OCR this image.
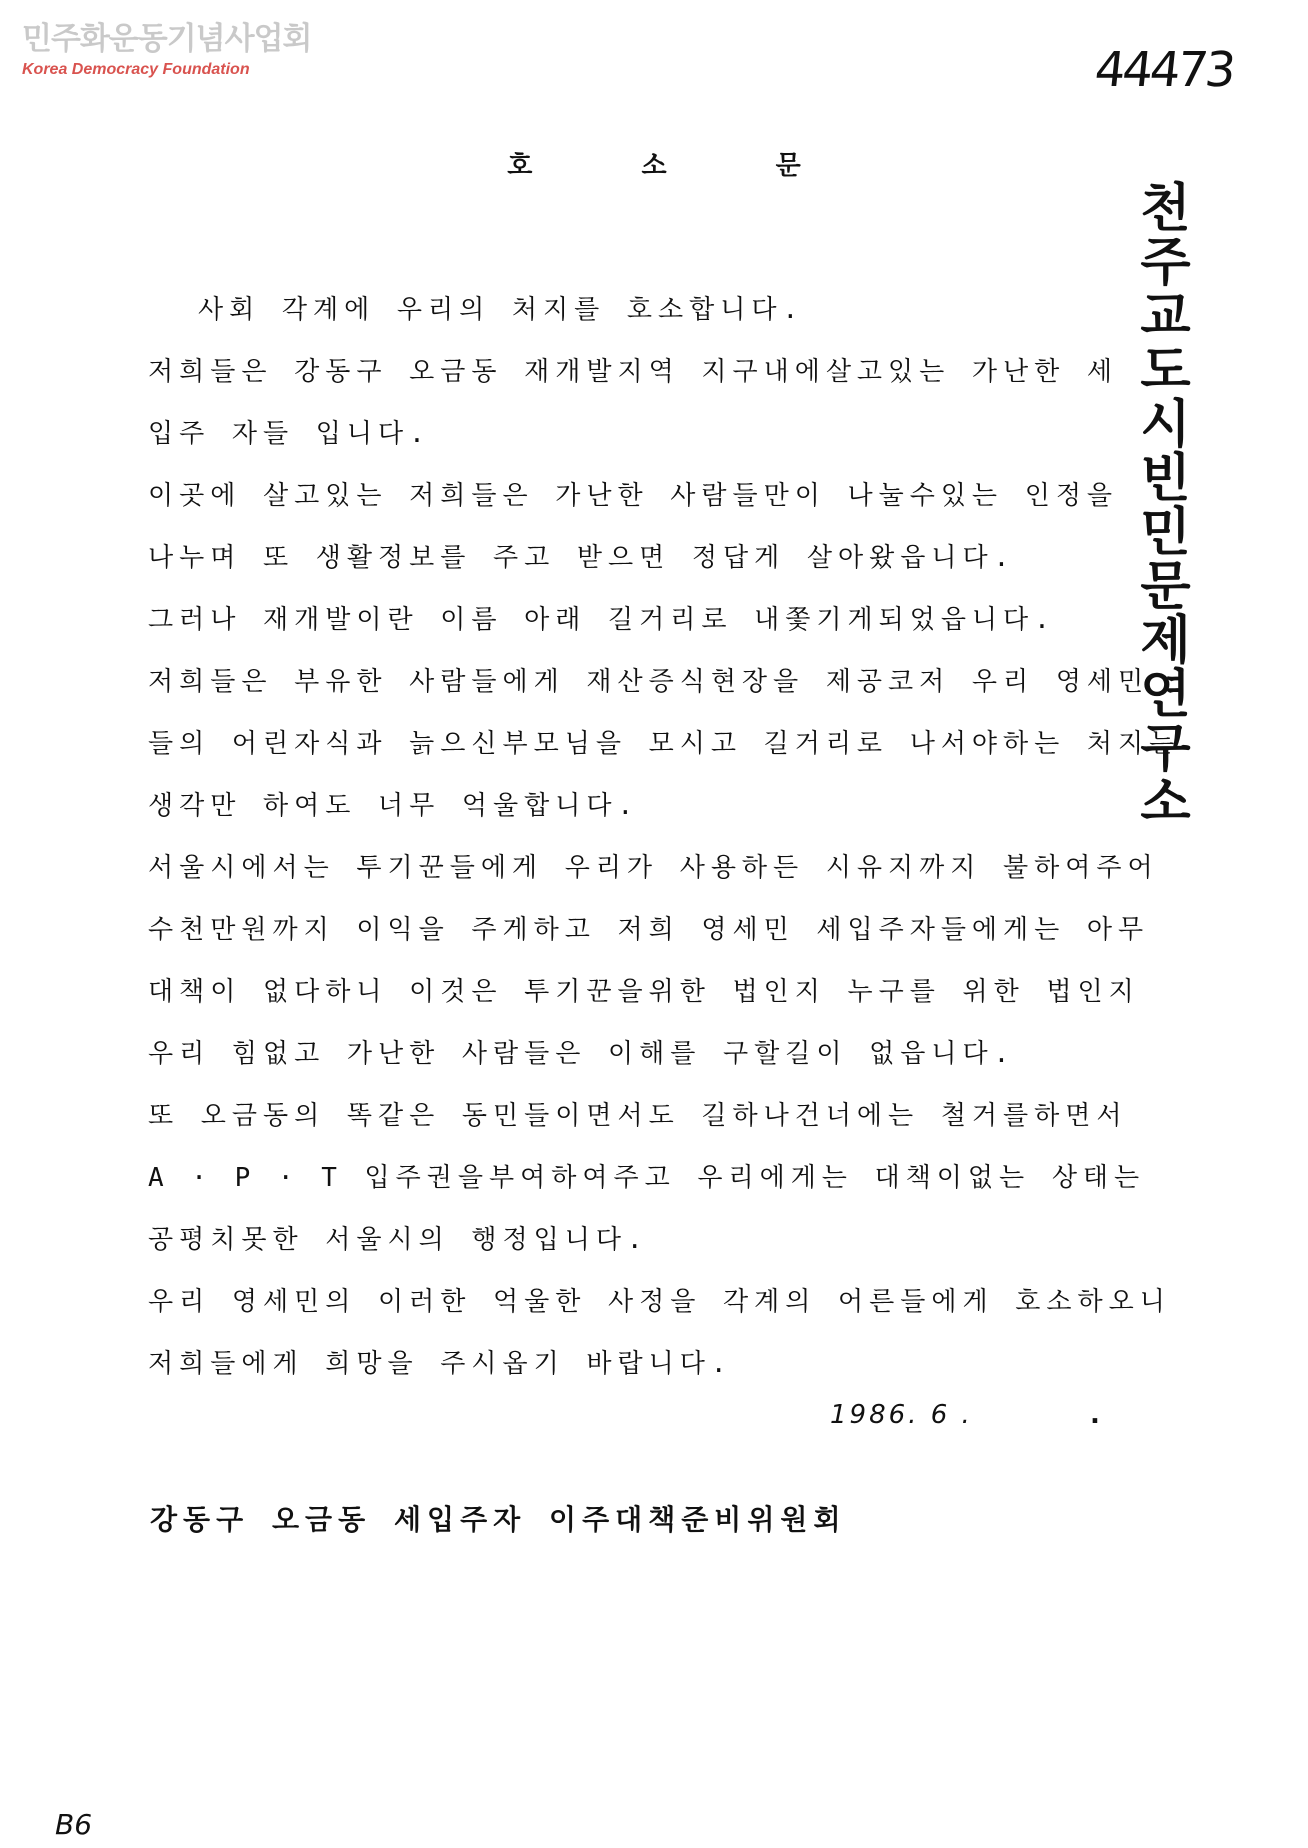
민주화운동기념사업회
Korea Democracy Foundation	44473
천주교도시빈민문제연구소
호	소	문
사회 각계에 우리의 처지를 호소합니다.
저희들은 강동구 오금동 재개발지역 지구내에살고있는 가난한 세
입주 자들 입니다.
이곳에 살고있는 저희들은 가난한 사람들만이 나눌수있는 인정을
나누며 또 생활정보를 주고 받으면 정답게 살아왔읍니다.
그러나 재개발이란 이름 아래 길거리로 내쫓기게되었읍니다.
저희들은 부유한 사람들에게 재산증식현장을 제공코저 우리 영세민
들의 어린자식과 늙으신부모님을 모시고 길거리로 나서야하는 처지는
생각만 하여도 너무 억울합니다.
서울시에서는 투기꾼들에게 우리가 사용하든 시유지까지 불하여주어
수천만원까지 이익을 주게하고 저희 영세민 세입주자들에게는 아무
대책이 없다하니 이것은 투기꾼을위한 법인지 누구를 위한 법인지
우리 힘없고 가난한 사람들은 이해를 구할길이 없읍니다.
또 오금동의 똑같은 동민들이면서도 길하나건너에는 철거를하면서
A · P · T 입주권을부여하여주고 우리에게는 대책이없는 상태는
공평치못한 서울시의 행정입니다.
우리 영세민의 이러한 억울한 사정을 각계의 어른들에게 호소하오니
저희들에게 희망을 주시옵기 바랍니다.
1986. 6 .	.
강동구 오금동 세입주자 이주대책준비위원회
B6
